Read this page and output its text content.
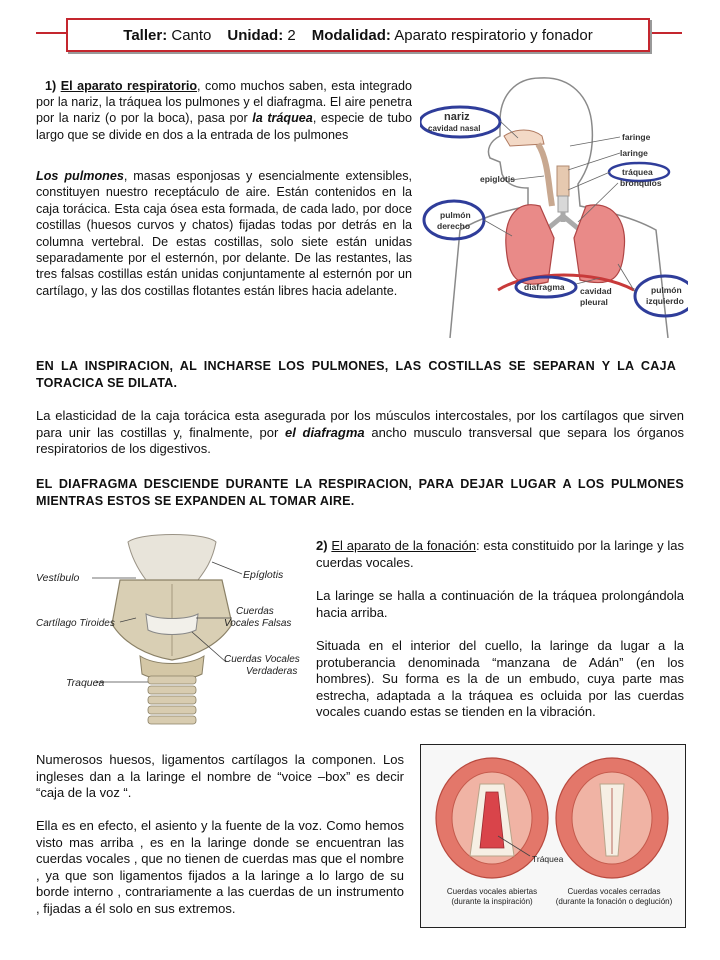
Taller: Canto Unidad: 2 Modalidad: Aparato respiratorio y fonador
1) El aparato respiratorio, como muchos saben, esta integrado por la nariz, la tráquea los pulmones y el diafragma. El aire penetra por la nariz (o por la boca), pasa por la tráquea, especie de tubo largo que se divide en dos a la entrada de los pulmones
Los pulmones, masas esponjosas y esencialmente extensibles, constituyen nuestro receptáculo de aire. Están contenidos en la caja torácica. Esta caja ósea esta formada, de cada lado, por doce costillas (huesos curvos y chatos) fijadas todas por detrás en la columna vertebral. De estas costillas, solo siete están unidas separadamente por el esternón, por delante. De las restantes, las tres falsas costillas están unidas conjuntamente al esternón por un cartílago, y las dos costillas flotantes están libres hacia adelante.
nariz
cavidad nasal
faringe
laringe
tráquea
bronquios
epiglotis
pulmón
derecho
diafragma cavidad
pleural
pulmón
izquierdo
EN LA INSPIRACION, AL INCHARSE LOS PULMONES, LAS COSTILLAS SE SEPARAN Y LA CAJA TORACICA SE DILATA.
La elasticidad de la caja torácica esta asegurada por los músculos intercostales, por los cartílagos que sirven para unir las costillas y, finalmente, por el diafragma ancho musculo transversal que separa los órganos respiratorios de los digestivos.
EL DIAFRAGMA DESCIENDE DURANTE LA RESPIRACION, PARA DEJAR LUGAR A LOS PULMONES MIENTRAS ESTOS SE EXPANDEN AL TOMAR AIRE.
Vestíbulo	Epíglotis
Cartílago Tiroides
Cuerdas
Vocales Falsas
Cuerdas Vocales
Verdaderas
Traquea
2) El aparato de la fonación: esta constituido por la laringe y las cuerdas vocales.
La laringe se halla a continuación de la tráquea prolongándola hacia arriba.
Situada en el interior del cuello, la laringe da lugar a la protuberancia denominada “manzana de Adán” (en los hombres). Su forma es la de un embudo, cuya parte mas estrecha, adaptada a la tráquea es ocluida por las cuerdas vocales cuando estas se tienden en la vibración.
Numerosos huesos, ligamentos cartílagos la componen. Los ingleses dan a la laringe el nombre de “voice –box” es decir “caja de la voz “.
Ella es en efecto, el asiento y la fuente de la voz. Como hemos visto mas arriba , es en la laringe donde se encuentran las cuerdas vocales , que no tienen de cuerdas mas que el nombre , ya que son ligamentos fijados a la laringe a lo largo de su borde interno , contrariamente a las cuerdas de un instrumento , fijadas a él solo en sus extremos.
Tráquea
Cuerdas vocales abiertas
(durante la inspiración)
Cuerdas vocales cerradas
(durante la fonación o deglución)
